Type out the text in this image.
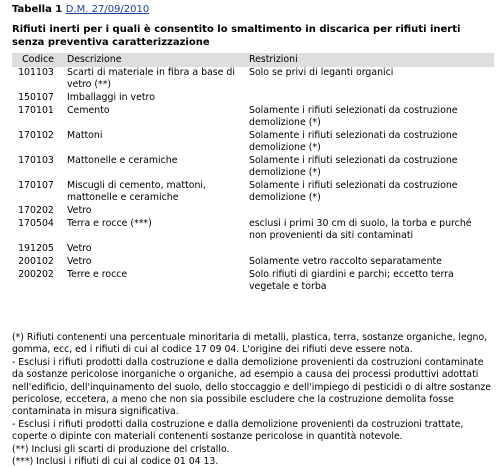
Tabella 1 D.M. 27/09/2010
Rifiuti inerti per i quali è consentito lo smaltimento in discarica per rifiuti inerti senza preventiva caratterizzazione
Codice	Descrizione	Restrizioni
101103	Scarti di materiale in fibra a base di vetro (**)	Solo se privi di leganti organici
150107	Imballaggi in vetro	
170101	Cemento	Solamente i rifiuti selezionati da costruzione demolizione (*)
170102	Mattoni	Solamente i rifiuti selezionati da costruzione demolizione (*)
170103	Mattonelle e ceramiche	Solamente i rifiuti selezionati da costruzione demolizione (*)
170107	Miscugli di cemento, mattoni, mattonelle e ceramiche	Solamente i rifiuti selezionati da costruzione demolizione (*)
170202	Vetro	
170504	Terra e rocce (***)	esclusi i primi 30 cm di suolo, la torba e purché non provenienti da siti contaminati
191205	Vetro	
200102	Vetro	Solamente vetro raccolto separatamente
200202	Terre e rocce	Solo rifiuti di giardini e parchi; eccetto terra vegetale e torba

(*) Rifiuti contenenti una percentuale minoritaria di metalli, plastica, terra, sostanze organiche, legno, gomma, ecc, ed i rifiuti di cui al codice 17 09 04. L'origine dei rifiuti deve essere nota.

- Esclusi i rifiuti prodotti dalla costruzione e dalla demolizione provenienti da costruzioni contaminate da sostanze pericolose inorganiche o organiche, ad esempio a causa dei processi produttivi adottati nell'edificio, dell'inquinamento del suolo, dello stoccaggio e dell'impiego di pesticidi o di altre sostanze pericolose, eccetera, a meno che non sia possibile escludere che la costruzione demolita fosse contaminata in misura significativa.

- Esclusi i rifiuti prodotti dalla costruzione e dalla demolizione provenienti da costruzioni trattate, coperte o dipinte con materiali contenenti sostanze pericolose in quantità notevole.

(**) Inclusi gli scarti di produzione del cristallo.

(***) Inclusi i rifiuti di cui al codice 01 04 13.
